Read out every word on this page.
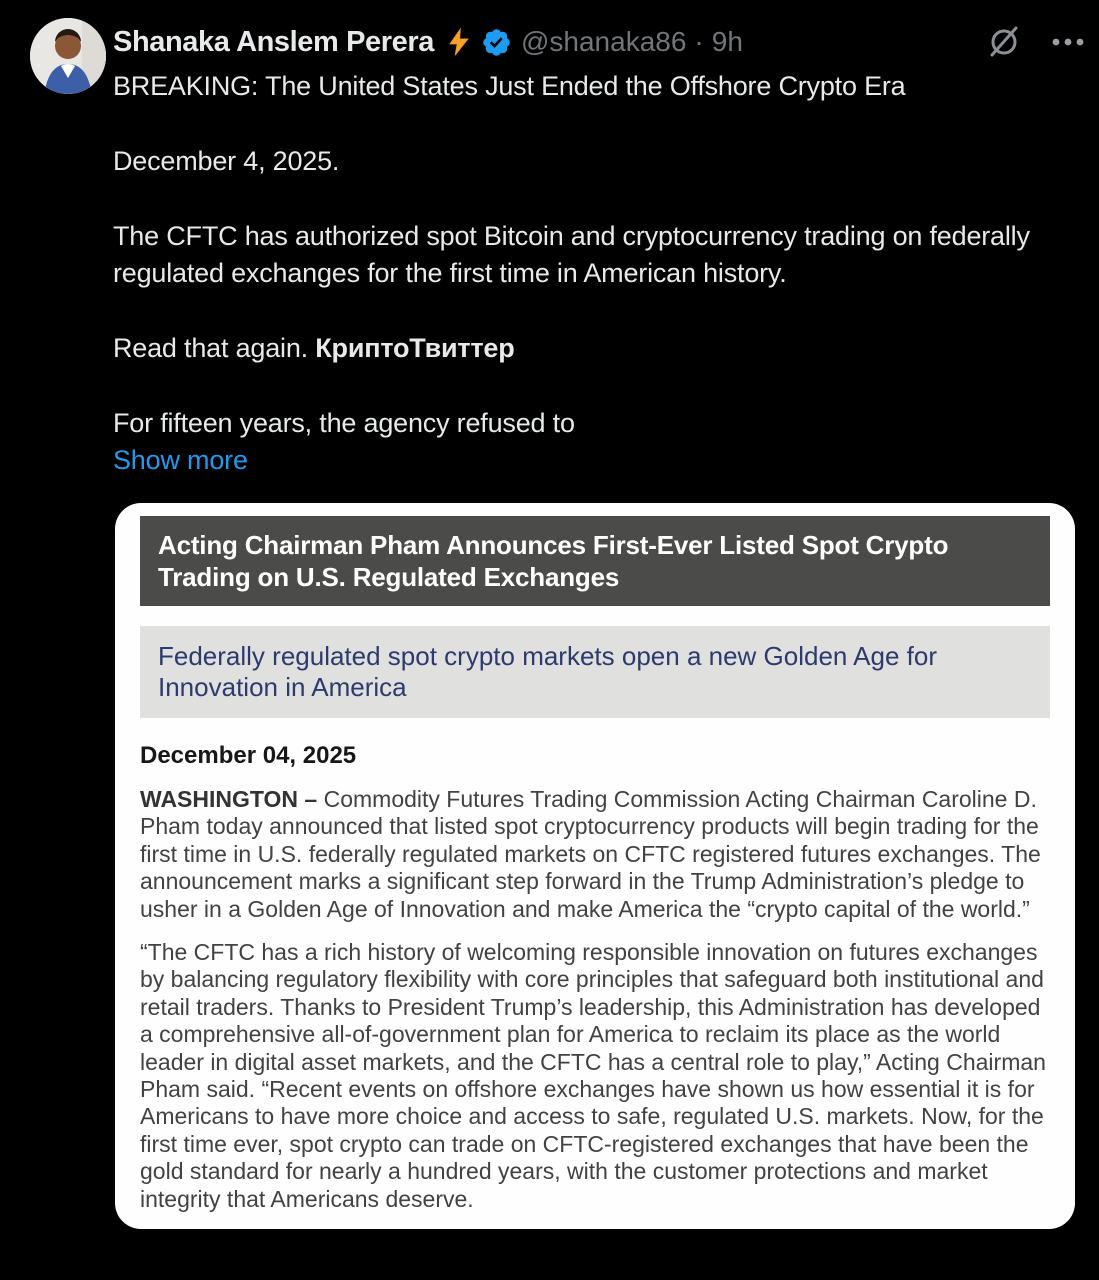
Shanaka Anslem Perera	@shanaka86 · 9h
BREAKING: The United States Just Ended the Offshore Crypto Era

December 4, 2025.

The CFTC has authorized spot Bitcoin and cryptocurrency trading on federally regulated exchanges for the first time in American history.

Read that again. КриптоТвиттер

For fifteen years, the agency refused to
Show more

Acting Chairman Pham Announces First-Ever Listed Spot Crypto Trading on U.S. Regulated Exchanges
Federally regulated spot crypto markets open a new Golden Age for Innovation in America
December 04, 2025

WASHINGTON – Commodity Futures Trading Commission Acting Chairman Caroline D. Pham today announced that listed spot cryptocurrency products will begin trading for the first time in U.S. federally regulated markets on CFTC registered futures exchanges. The announcement marks a significant step forward in the Trump Administration’s pledge to usher in a Golden Age of Innovation and make America the “crypto capital of the world.”

“The CFTC has a rich history of welcoming responsible innovation on futures exchanges by balancing regulatory flexibility with core principles that safeguard both institutional and retail traders. Thanks to President Trump’s leadership, this Administration has developed a comprehensive all-of-government plan for America to reclaim its place as the world leader in digital asset markets, and the CFTC has a central role to play,” Acting Chairman Pham said. “Recent events on offshore exchanges have shown us how essential it is for Americans to have more choice and access to safe, regulated U.S. markets. Now, for the first time ever, spot crypto can trade on CFTC-registered exchanges that have been the gold standard for nearly a hundred years, with the customer protections and market integrity that Americans deserve.
